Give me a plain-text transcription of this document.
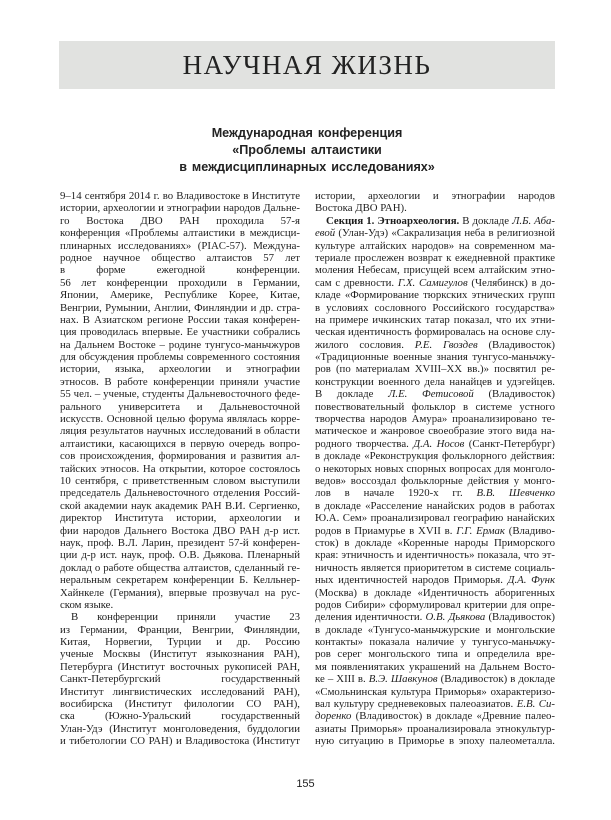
НАУЧНАЯ ЖИЗНЬ
Международная конференция
«Проблемы алтаистики
в междисциплинарных исследованиях»
9–14 сентября 2014 г. во Владивостоке в Институте
истории, археологии и этнографии народов Дальне-
го Востока ДВО РАН проходила 57-я
конференция «Проблемы алтаистики в междисци-
плинарных исследованиях» (PIAC-57). Междуна-
родное научное общество алтаистов 57 лет
в форме ежегодной конференции.
56 лет конференции проходили в Германии,
Японии, Америке, Республике Корее, Китае,
Венгрии, Румынии, Англии, Финляндии и др. стра-
нах. В Азиатском регионе России такая конферен-
ция проводилась впервые. Ее участники собрались
на Дальнем Востоке – родине тунгусо-маньчжуров
для обсуждения проблемы современного состояния
истории, языка, археологии и этнографии
этносов. В работе конференции приняли участие
55 чел. – ученые, студенты Дальневосточного феде-
рального университета и Дальневосточной
искусств. Основной целью форума являлась корре-
ляция результатов научных исследований в области
алтаистики, касающихся в первую очередь вопро-
сов происхождения, формирования и развития ал-
тайских этносов. На открытии, которое состоялось
10 сентября, с приветственным словом выступили
председатель Дальневосточного отделения Россий-
ской академии наук академик РАН В.И. Сергиенко,
директор Института истории, археологии и
фии народов Дальнего Востока ДВО РАН д-р ист.
наук, проф. В.Л. Ларин, президент 57-й конферен-
ции д-р ист. наук, проф. О.В. Дьякова. Пленарный
доклад о работе общества алтаистов, сделанный ге-
неральным секретарем конференции Б. Келльнер-
Хайнкеле (Германия), впервые прозвучал на рус-
ском языке.
В конференции приняли участие 23
из Германии, Франции, Венгрии, Финляндии,
Китая, Норвегии, Турции и др. Россию
ученые Москвы (Институт языкознания РАН),
Петербурга (Институт восточных рукописей РАН,
Санкт-Петербургский государственный
Институт лингвистических исследований РАН),
восибирска (Институт филологии СО РАН),
ска (Южно-Уральский государственный
Улан-Удэ (Институт монголоведения, буддологии
и тибетологии СО РАН) и Владивостока (Институт
истории, археологии и этнографии народов
Востока ДВО РАН).
Секция 1. Этноархеология. В докладе Л.Б. Аба-
евой (Улан-Удэ) «Сакрализация неба в религиозной
культуре алтайских народов» на современном ма-
териале прослежен возврат к ежедневной практике
моления Небесам, присущей всем алтайским этно-
сам с древности. Г.Х. Самигулов (Челябинск) в до-
кладе «Формирование тюркских этнических групп
в условиях сословного Российского государства»
на примере ичкинских татар показал, что их этни-
ческая идентичность формировалась на основе слу-
жилого сословия. Р.Е. Гвоздев (Владивосток)
«Традиционные военные знания тунгусо-маньчжу-
ров (по материалам XVIII–XX вв.)» посвятил ре-
конструкции военного дела нанайцев и удэгейцев.
В докладе Л.Е. Фетисовой (Владивосток)
повествовательный фольклор в системе устного
творчества народов Амура» проанализировано те-
матическое и жанровое своеобразие этого вида на-
родного творчества. Д.А. Носов (Санкт-Петербург)
в докладе «Реконструкция фольклорного действия:
о некоторых новых спорных вопросах для монголо-
ведов» воссоздал фольклорные действия у монго-
лов в начале 1920-х гг. В.В. Шевченко
в докладе «Расселение нанайских родов в работах
Ю.А. Сем» проанализировал географию нанайских
родов в Приамурье в XVII в. Г.Г. Ермак (Владиво-
сток) в докладе «Коренные народы Приморского
края: этничность и идентичность» показала, что эт-
ничность является приоритетом в системе социаль-
ных идентичностей народов Приморья. Д.А. Функ
(Москва) в докладе «Идентичность аборигенных
родов Сибири» сформулировал критерии для опре-
деления идентичности. О.В. Дьякова (Владивосток)
в докладе «Тунгусо-маньчжурские и монгольские
контакты» показала наличие у тунгусо-маньчжу-
ров серег монгольского типа и определила вре-
мя появлениятаких украшений на Дальнем Восто-
ке – XIII в. В.Э. Шавкунов (Владивосток) в докладе
«Смольнинская культура Приморья» охарактеризо-
вал культуру средневековых палеоазиатов. Е.В. Си-
доренко (Владивосток) в докладе «Древние палео-
азиаты Приморья» проанализировала этнокультур-
ную ситуацию в Приморье в эпоху палеометалла.
155
